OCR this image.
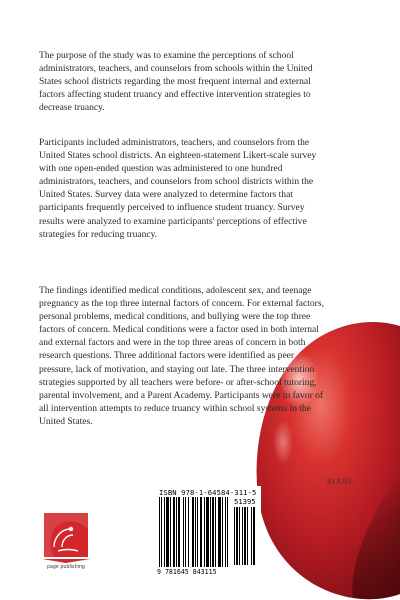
The purpose of the study was to examine the perceptions of school administrators, teachers, and counselors from schools within the United States school districts regarding the most frequent internal and external factors affecting student truancy and effective intervention strategies to decrease truancy.
Participants included administrators, teachers, and counselors from the United States school districts. An eighteen-statement Likert-scale survey with one open-ended question was administered to one hundred administrators, teachers, and counselors from school districts within the United States. Survey data were analyzed to determine factors that participants frequently perceived to influence student truancy. Survey results were analyzed to examine participants' perceptions of effective strategies for reducing truancy.
The findings identified medical conditions, adolescent sex, and teenage pregnancy as the top three internal factors of concern. For external factors, personal problems, medical conditions, and bullying were the top three factors of concern. Medical conditions were a factor used in both internal and external factors and were in the top three areas of concern in both research questions. Three additional factors were identified as peer pressure, lack of motivation, and staying out late. The three intervention strategies supported by all teachers were before- or after-school tutoring, parental involvement, and a Parent Academy. Participants were in favor of all intervention attempts to reduce truancy within school systems in the United States.
$13.95
ISBN 978-1-64584-311-5
51395
9 781645 843115
page publishing
